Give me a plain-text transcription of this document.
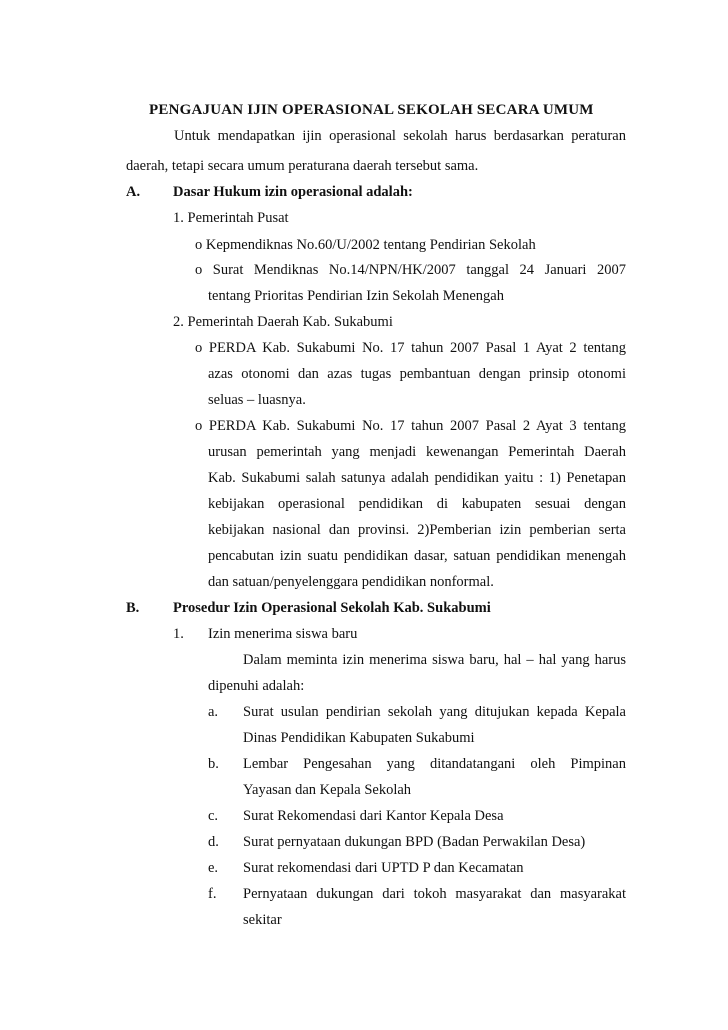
PENGAJUAN IJIN OPERASIONAL SEKOLAH SECARA UMUM
Untuk mendapatkan ijin operasional sekolah harus berdasarkan peraturan
daerah, tetapi secara umum peraturana daerah tersebut sama.
A. Dasar Hukum izin operasional adalah:
1. Pemerintah Pusat
o Kepmendiknas No.60/U/2002 tentang Pendirian Sekolah
o Surat Mendiknas No.14/NPN/HK/2007 tanggal 24 Januari 2007
tentang Prioritas Pendirian Izin Sekolah Menengah
2. Pemerintah Daerah Kab. Sukabumi
o PERDA Kab. Sukabumi No. 17 tahun 2007 Pasal 1 Ayat 2 tentang
azas otonomi dan azas tugas pembantuan dengan prinsip otonomi
seluas – luasnya.
o PERDA Kab. Sukabumi No. 17 tahun 2007 Pasal 2 Ayat 3 tentang
urusan pemerintah yang menjadi kewenangan Pemerintah Daerah
Kab. Sukabumi salah satunya adalah pendidikan yaitu : 1) Penetapan
kebijakan operasional pendidikan di kabupaten sesuai dengan
kebijakan nasional dan provinsi. 2)Pemberian izin pemberian serta
pencabutan izin suatu pendidikan dasar, satuan pendidikan menengah
dan satuan/penyelenggara pendidikan nonformal.
B. Prosedur Izin Operasional Sekolah Kab. Sukabumi
1. Izin menerima siswa baru
Dalam meminta izin menerima siswa baru, hal – hal yang harus
dipenuhi adalah:
a. Surat usulan pendirian sekolah yang ditujukan kepada Kepala
Dinas Pendidikan Kabupaten Sukabumi
b. Lembar Pengesahan yang ditandatangani oleh Pimpinan
Yayasan dan Kepala Sekolah
c. Surat Rekomendasi dari Kantor Kepala Desa
d. Surat pernyataan dukungan BPD (Badan Perwakilan Desa)
e. Surat rekomendasi dari UPTD P dan Kecamatan
f. Pernyataan dukungan dari tokoh masyarakat dan masyarakat
sekitar
